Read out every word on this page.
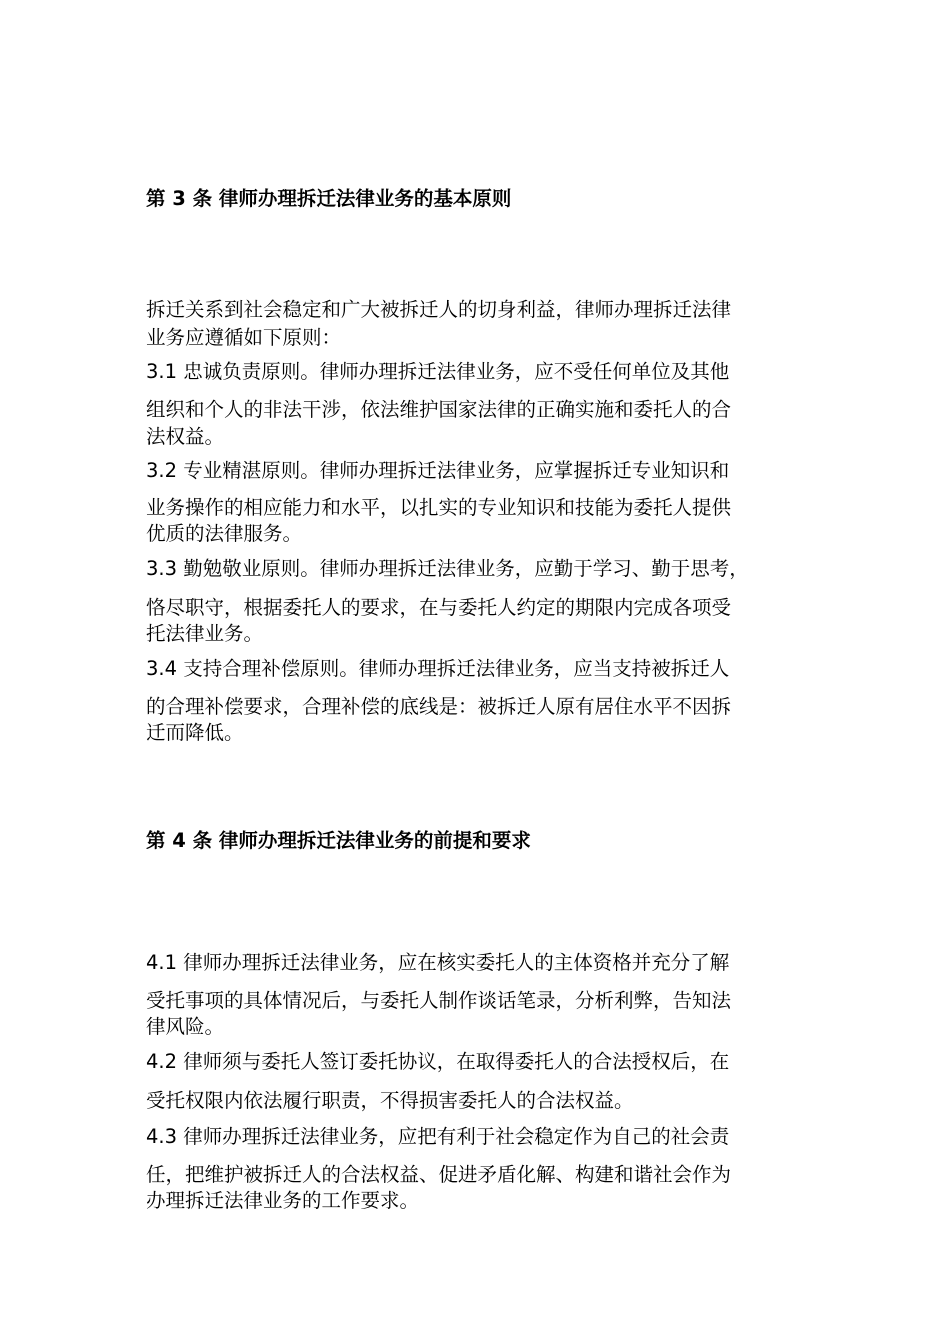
第 3 条 律师办理拆迁法律业务的基本原则
拆迁关系到社会稳定和广大被拆迁人的切身利益，律师办理拆迁法律
业务应遵循如下原则：
3.1 忠诚负责原则。律师办理拆迁法律业务，应不受任何单位及其他
组织和个人的非法干涉，依法维护国家法律的正确实施和委托人的合
法权益。
3.2 专业精湛原则。律师办理拆迁法律业务，应掌握拆迁专业知识和
业务操作的相应能力和水平，以扎实的专业知识和技能为委托人提供
优质的法律服务。
3.3 勤勉敬业原则。律师办理拆迁法律业务，应勤于学习、勤于思考，
恪尽职守，根据委托人的要求，在与委托人约定的期限内完成各项受
托法律业务。
3.4 支持合理补偿原则。律师办理拆迁法律业务，应当支持被拆迁人
的合理补偿要求，合理补偿的底线是：被拆迁人原有居住水平不因拆
迁而降低。
第 4 条 律师办理拆迁法律业务的前提和要求
4.1 律师办理拆迁法律业务，应在核实委托人的主体资格并充分了解
受托事项的具体情况后，与委托人制作谈话笔录，分析利弊，告知法
律风险。
4.2 律师须与委托人签订委托协议，在取得委托人的合法授权后，在
受托权限内依法履行职责，不得损害委托人的合法权益。
4.3 律师办理拆迁法律业务，应把有利于社会稳定作为自己的社会责
任，把维护被拆迁人的合法权益、促进矛盾化解、构建和谐社会作为
办理拆迁法律业务的工作要求。
